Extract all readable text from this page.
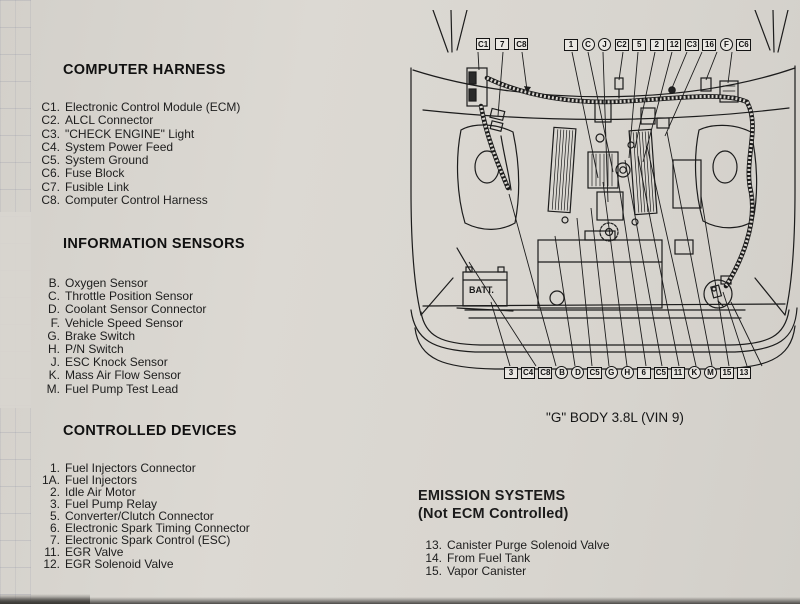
COMPUTER HARNESS
C1. Electronic Control Module (ECM)
C2. ALCL Connector
C3. "CHECK ENGINE" Light
C4. System Power Feed
C5. System Ground
C6. Fuse Block
C7. Fusible Link
C8. Computer Control Harness
INFORMATION SENSORS
B. Oxygen Sensor
C. Throttle Position Sensor
D. Coolant Sensor Connector
F. Vehicle Speed Sensor
G. Brake Switch
H. P/N Switch
J. ESC Knock Sensor
K. Mass Air Flow Sensor
M. Fuel Pump Test Lead
CONTROLLED DEVICES
1. Fuel Injectors Connector
1A. Fuel Injectors
2. Idle Air Motor
3. Fuel Pump Relay
5. Converter/Clutch Connector
6. Electronic Spark Timing Connector
7. Electronic Spark Control (ESC)
11. EGR Valve
12. EGR Solenoid Valve
EMISSION SYSTEMS
(Not ECM Controlled)
13. Canister Purge Solenoid Valve
14. From Fuel Tank
15. Vapor Canister
BATT.
C1	7	C8	1	C	J	C2	5	2	12	C3	16	F	C6
3	C4 C8	B	D	C5	G	H	6	C5 11	K	M	15	13
"G" BODY 3.8L (VIN 9)
